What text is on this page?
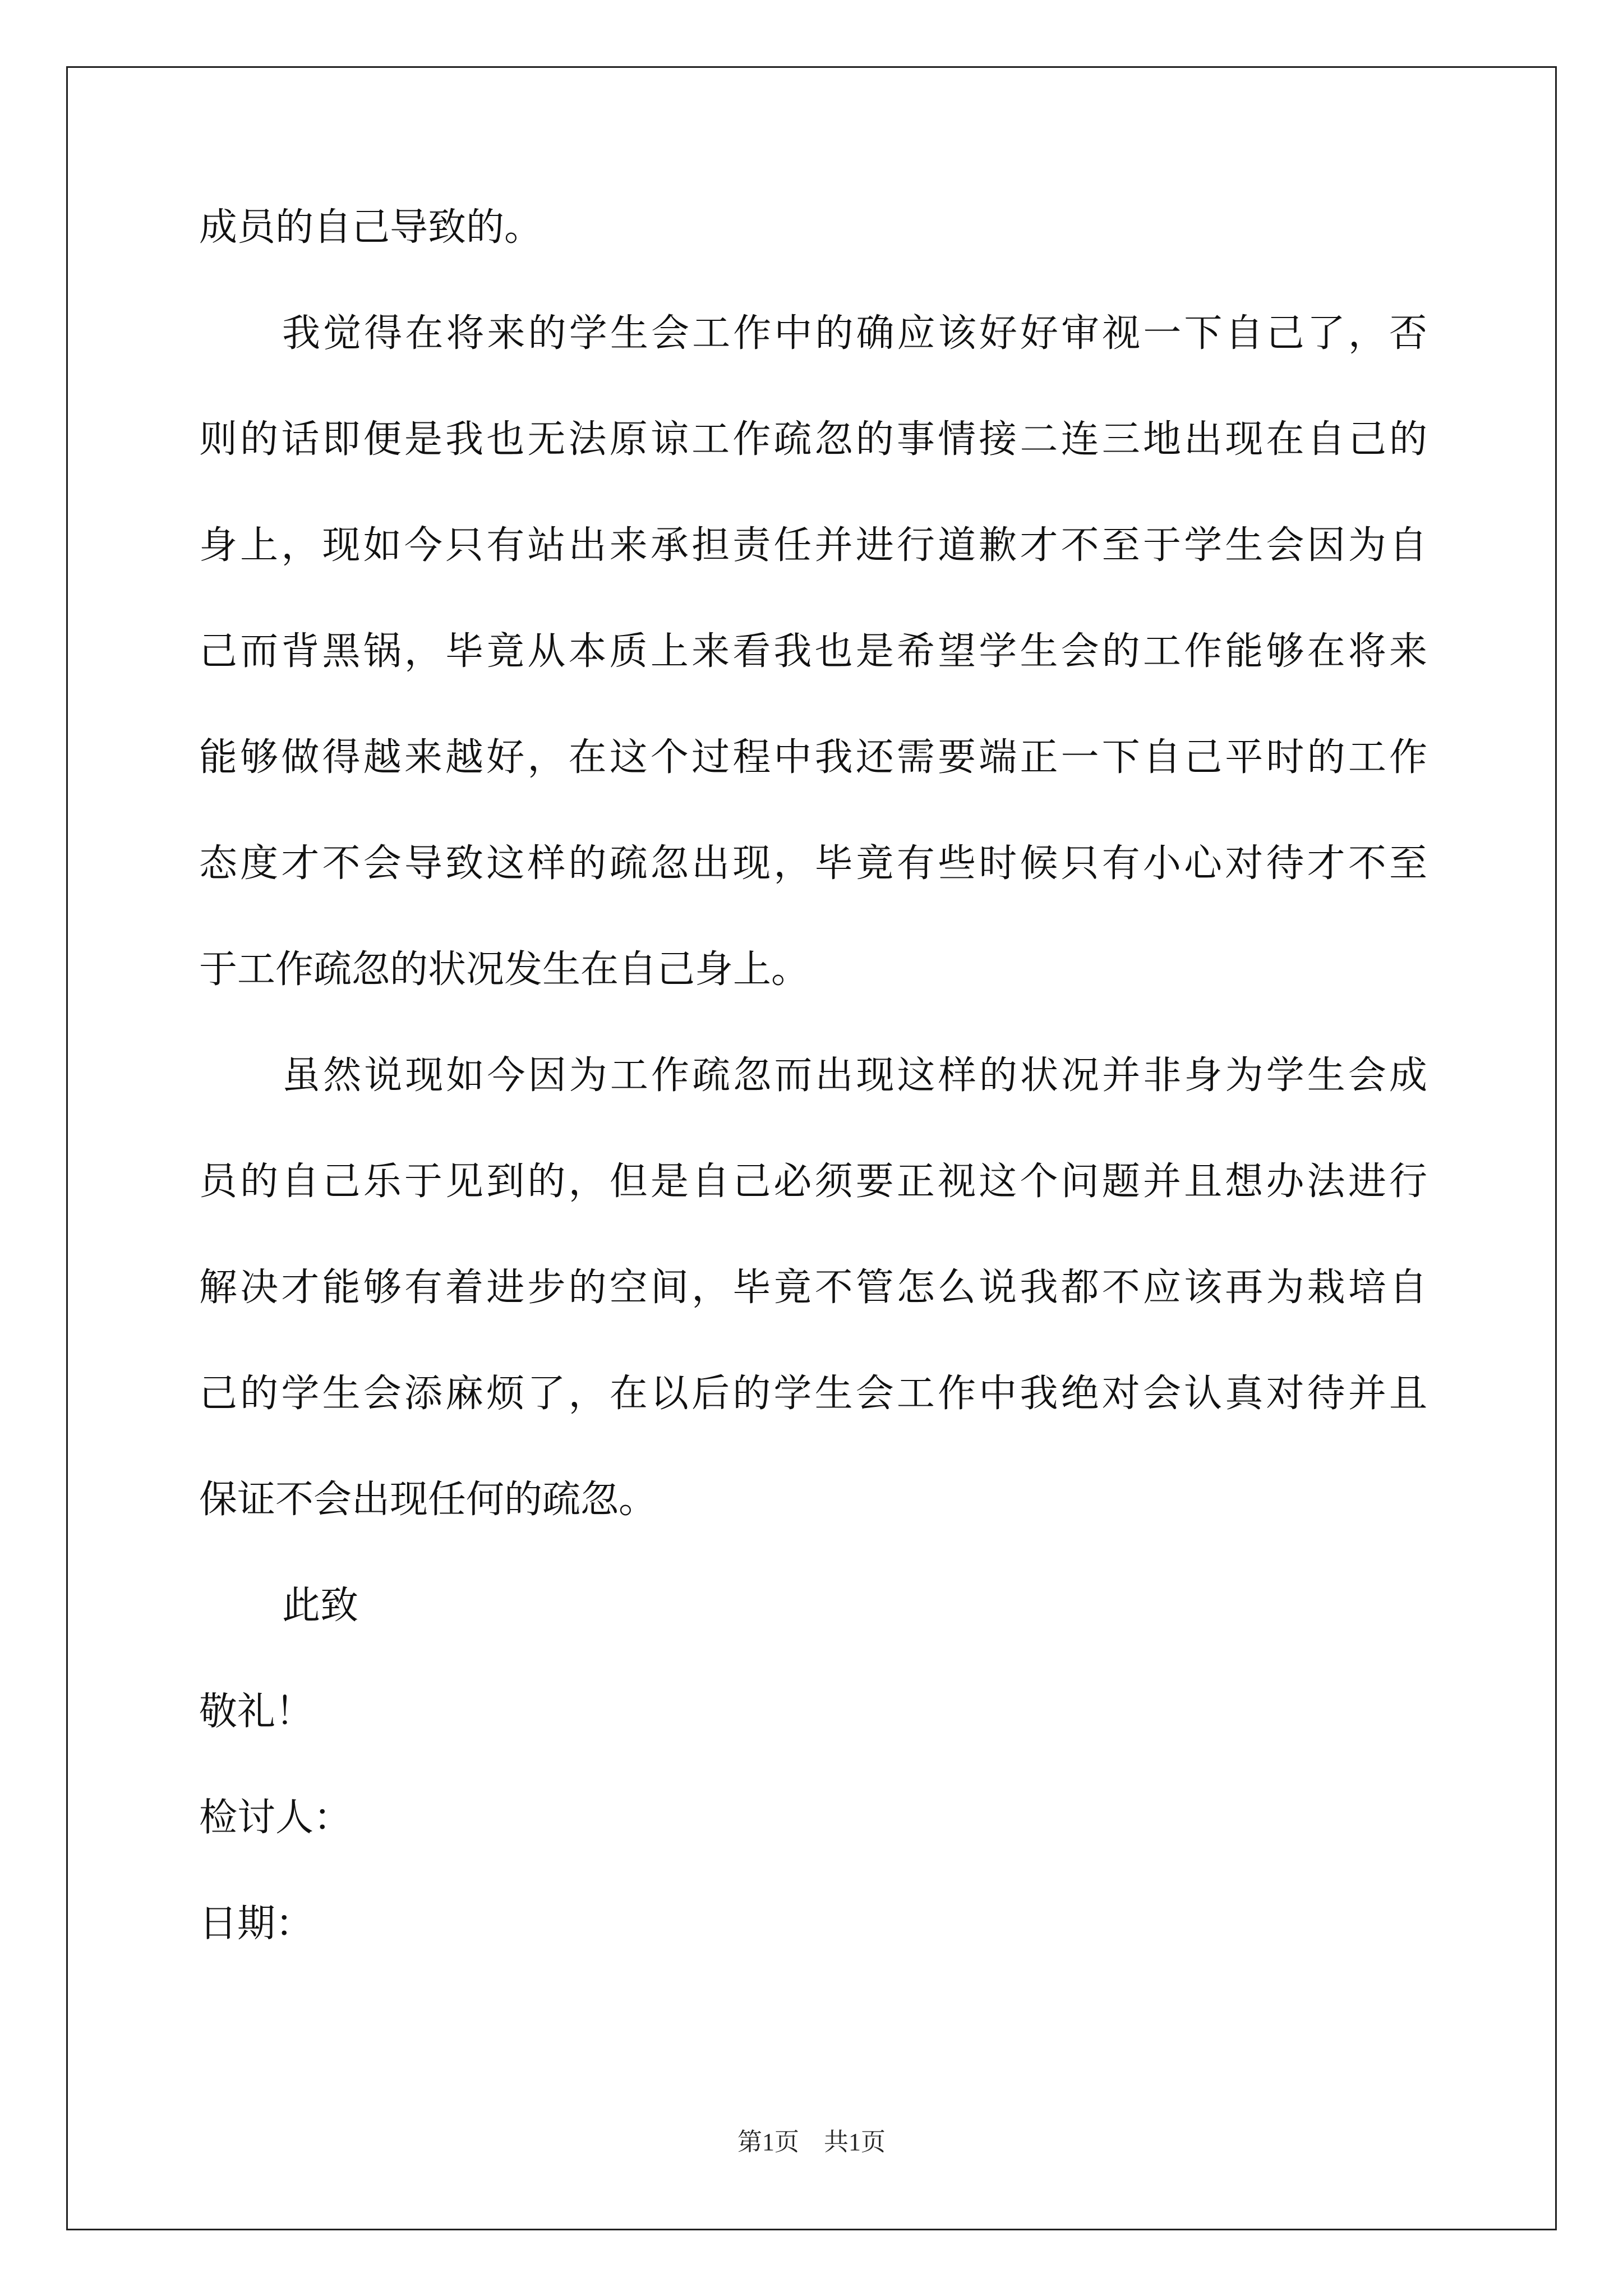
成员的自己导致的。
我觉得在将来的学生会工作中的确应该好好审视一下自己了，否
则的话即便是我也无法原谅工作疏忽的事情接二连三地出现在自己的
身上，现如今只有站出来承担责任并进行道歉才不至于学生会因为自
己而背黑锅，毕竟从本质上来看我也是希望学生会的工作能够在将来
能够做得越来越好，在这个过程中我还需要端正一下自己平时的工作
态度才不会导致这样的疏忽出现，毕竟有些时候只有小心对待才不至
于工作疏忽的状况发生在自己身上。
虽然说现如今因为工作疏忽而出现这样的状况并非身为学生会成
员的自己乐于见到的，但是自己必须要正视这个问题并且想办法进行
解决才能够有着进步的空间，毕竟不管怎么说我都不应该再为栽培自
己的学生会添麻烦了，在以后的学生会工作中我绝对会认真对待并且
保证不会出现任何的疏忽。
此致
敬礼！
检讨人：
日期：
第1页　共1页
